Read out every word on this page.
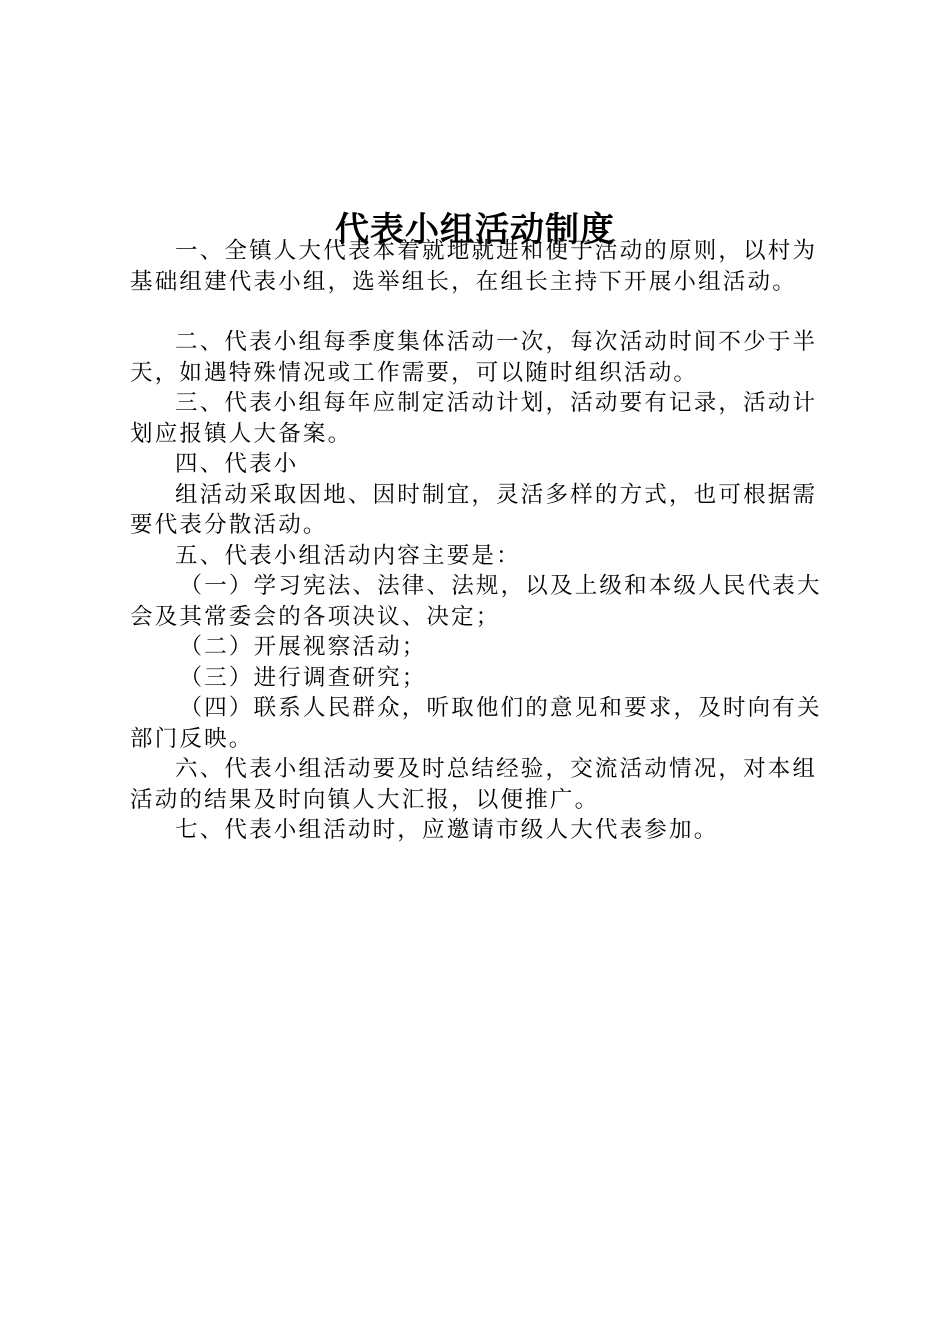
代表小组活动制度

一、全镇人大代表本着就地就进和便于活动的原则，以村为基础组建代表小组，选举组长，在组长主持下开展小组活动。

二、代表小组每季度集体活动一次，每次活动时间不少于半天，如遇特殊情况或工作需要，可以随时组织活动。

三、代表小组每年应制定活动计划，活动要有记录，活动计划应报镇人大备案。

四、代表小

组活动采取因地、因时制宜，灵活多样的方式，也可根据需要代表分散活动。

五、代表小组活动内容主要是：

（一）学习宪法、法律、法规，以及上级和本级人民代表大会及其常委会的各项决议、决定；

（二）开展视察活动；

（三）进行调查研究；

（四）联系人民群众，听取他们的意见和要求，及时向有关部门反映。

六、代表小组活动要及时总结经验，交流活动情况，对本组活动的结果及时向镇人大汇报，以便推广。

七、代表小组活动时，应邀请市级人大代表参加。
